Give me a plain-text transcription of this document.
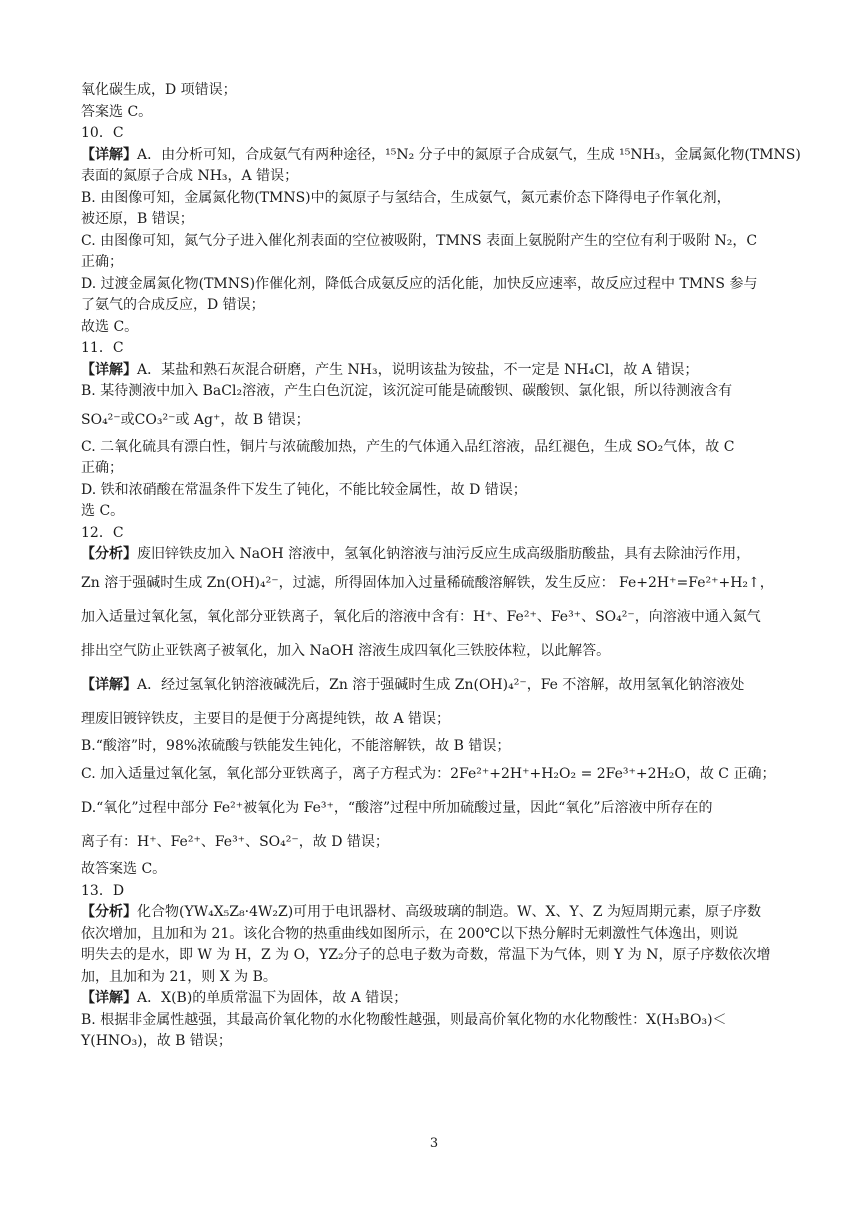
氧化碳生成，D 项错误；
答案选 C。
10．C
【详解】A．由分析可知，合成氨气有两种途径，¹⁵N₂ 分子中的氮原子合成氨气，生成 ¹⁵NH₃，金属氮化物(TMNS)
表面的氮原子合成 NH₃，A 错误；
B. 由图像可知，金属氮化物(TMNS)中的氮原子与氢结合，生成氨气，氮元素价态下降得电子作氧化剂，
被还原，B 错误；
C. 由图像可知，氮气分子进入催化剂表面的空位被吸附，TMNS 表面上氨脱附产生的空位有利于吸附 N₂，C
正确；
D. 过渡金属氮化物(TMNS)作催化剂，降低合成氨反应的活化能，加快反应速率，故反应过程中 TMNS 参与
了氨气的合成反应，D 错误；
故选 C。
11．C
【详解】A．某盐和熟石灰混合研磨，产生 NH₃，说明该盐为铵盐，不一定是 NH₄Cl，故 A 错误；
B. 某待测液中加入 BaCl₂溶液，产生白色沉淀，该沉淀可能是硫酸钡、碳酸钡、氯化银，所以待测液含有
SO₄²⁻或CO₃²⁻或 Ag⁺，故 B 错误；
C. 二氧化硫具有漂白性，铜片与浓硫酸加热，产生的气体通入品红溶液，品红褪色，生成 SO₂气体，故 C
正确；
D. 铁和浓硝酸在常温条件下发生了钝化，不能比较金属性，故 D 错误；
选 C。
12．C
【分析】废旧锌铁皮加入 NaOH 溶液中，氢氧化钠溶液与油污反应生成高级脂肪酸盐，具有去除油污作用，
Zn 溶于强碱时生成 Zn(OH)₄²⁻，过滤，所得固体加入过量稀硫酸溶解铁，发生反应： Fe+2H⁺=Fe²⁺+H₂↑，
加入适量过氧化氢，氧化部分亚铁离子，氧化后的溶液中含有：H⁺、Fe²⁺、Fe³⁺、SO₄²⁻，向溶液中通入氮气
排出空气防止亚铁离子被氧化，加入 NaOH 溶液生成四氧化三铁胶体粒，以此解答。
【详解】A．经过氢氧化钠溶液碱洗后，Zn 溶于强碱时生成 Zn(OH)₄²⁻，Fe 不溶解，故用氢氧化钠溶液处
理废旧镀锌铁皮，主要目的是便于分离提纯铁，故 A 错误；
B.“酸溶”时，98%浓硫酸与铁能发生钝化，不能溶解铁，故 B 错误；
C. 加入适量过氧化氢，氧化部分亚铁离子，离子方程式为：2Fe²⁺+2H⁺+H₂O₂ = 2Fe³⁺+2H₂O，故 C 正确；
D.“氧化”过程中部分 Fe²⁺被氧化为 Fe³⁺，“酸溶”过程中所加硫酸过量，因此“氧化”后溶液中所存在的
离子有：H⁺、Fe²⁺、Fe³⁺、SO₄²⁻，故 D 错误；
故答案选 C。
13．D
【分析】化合物(YW₄X₅Z₈·4W₂Z)可用于电讯器材、高级玻璃的制造。W、X、Y、Z 为短周期元素，原子序数
依次增加，且加和为 21。该化合物的热重曲线如图所示，在 200℃以下热分解时无刺激性气体逸出，则说
明失去的是水，即 W 为 H，Z 为 O，YZ₂分子的总电子数为奇数，常温下为气体，则 Y 为 N，原子序数依次增
加，且加和为 21，则 X 为 B。
【详解】A．X(B)的单质常温下为固体，故 A 错误；
B. 根据非金属性越强，其最高价氧化物的水化物酸性越强，则最高价氧化物的水化物酸性：X(H₃BO₃)＜
Y(HNO₃)，故 B 错误；
3
